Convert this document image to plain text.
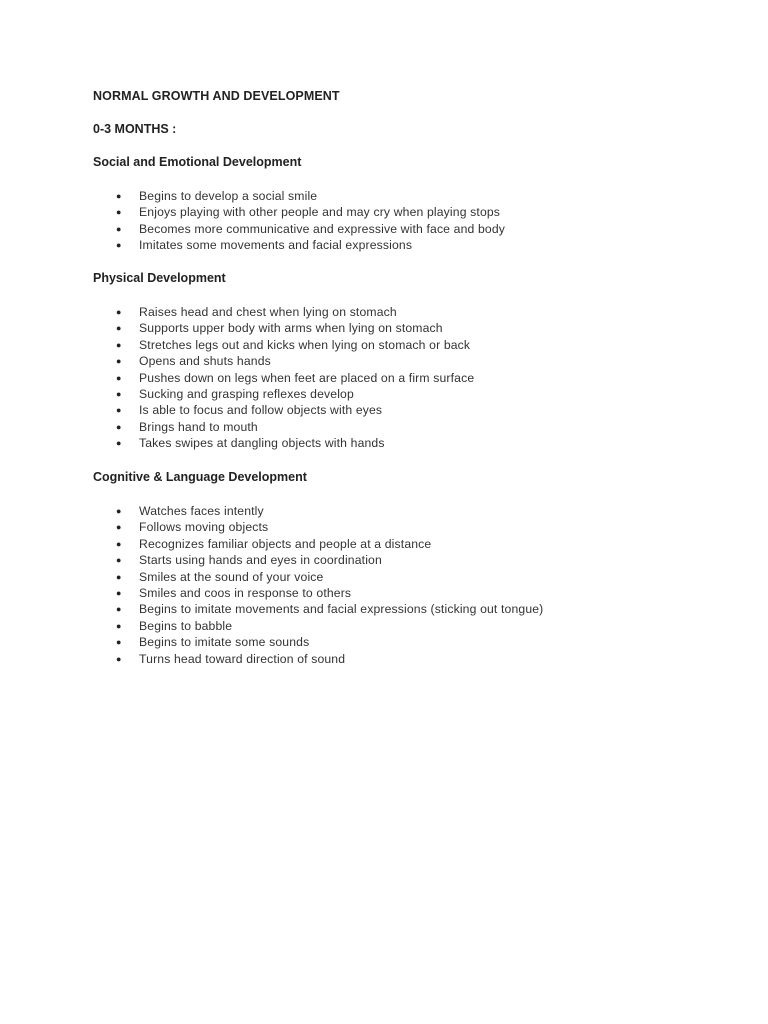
NORMAL GROWTH AND DEVELOPMENT
0-3 MONTHS :
Social and Emotional Development
● Begins to develop a social smile
● Enjoys playing with other people and may cry when playing stops
● Becomes more communicative and expressive with face and body
● Imitates some movements and facial expressions
Physical Development
● Raises head and chest when lying on stomach
● Supports upper body with arms when lying on stomach
● Stretches legs out and kicks when lying on stomach or back
● Opens and shuts hands
● Pushes down on legs when feet are placed on a firm surface
● Sucking and grasping reflexes develop
● Is able to focus and follow objects with eyes
● Brings hand to mouth
● Takes swipes at dangling objects with hands
Cognitive & Language Development
● Watches faces intently
● Follows moving objects
● Recognizes familiar objects and people at a distance
● Starts using hands and eyes in coordination
● Smiles at the sound of your voice
● Smiles and coos in response to others
● Begins to imitate movements and facial expressions (sticking out tongue)
● Begins to babble
● Begins to imitate some sounds
● Turns head toward direction of sound
